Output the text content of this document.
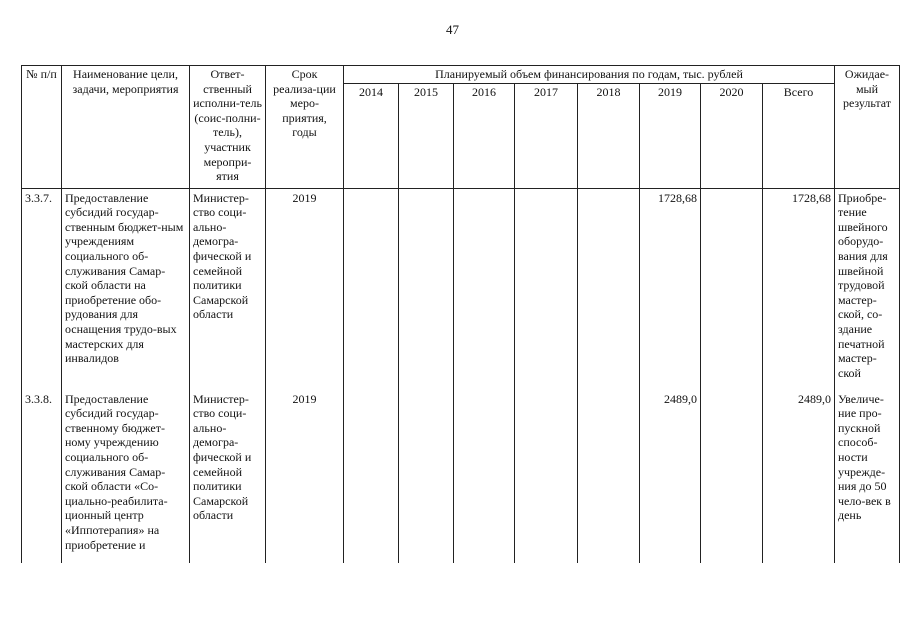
47
№ п/п	Наименование цели, задачи, мероприятия	Ответ-ственный исполни-тель (соис-полни-тель), участник меропри-ятия	Срок реализа-ции меро-приятия, годы	Планируемый объем финансирования по годам, тыс. рублей								Ожидае-мый результат
				2014	2015	2016	2017	2018	2019	2020	Всего	
3.3.7.	Предоставление субсидий государ-ственным бюджет-ным учреждениям социального об-служивания Самар-ской области на приобретение обо-рудования для оснащения трудо-вых мастерских для инвалидов	Министер-ство соци-ально-демогра-фической и семейной политики Самарской области	2019						1728,68		1728,68	Приобре-тение швейного оборудо-вания для швейной трудовой мастер-ской, со-здание печатной мастер-ской
3.3.8.	Предоставление субсидий государ-ственному бюджет-ному учреждению социального об-служивания Самар-ской области «Со-циально-реабилита-ционный центр «Иппотерапия» на приобретение и	Министер-ство соци-ально-демогра-фической и семейной политики Самарской области	2019						2489,0		2489,0	Увеличе-ние про-пускной способ-ности учрежде-ния до 50 чело-век в день
